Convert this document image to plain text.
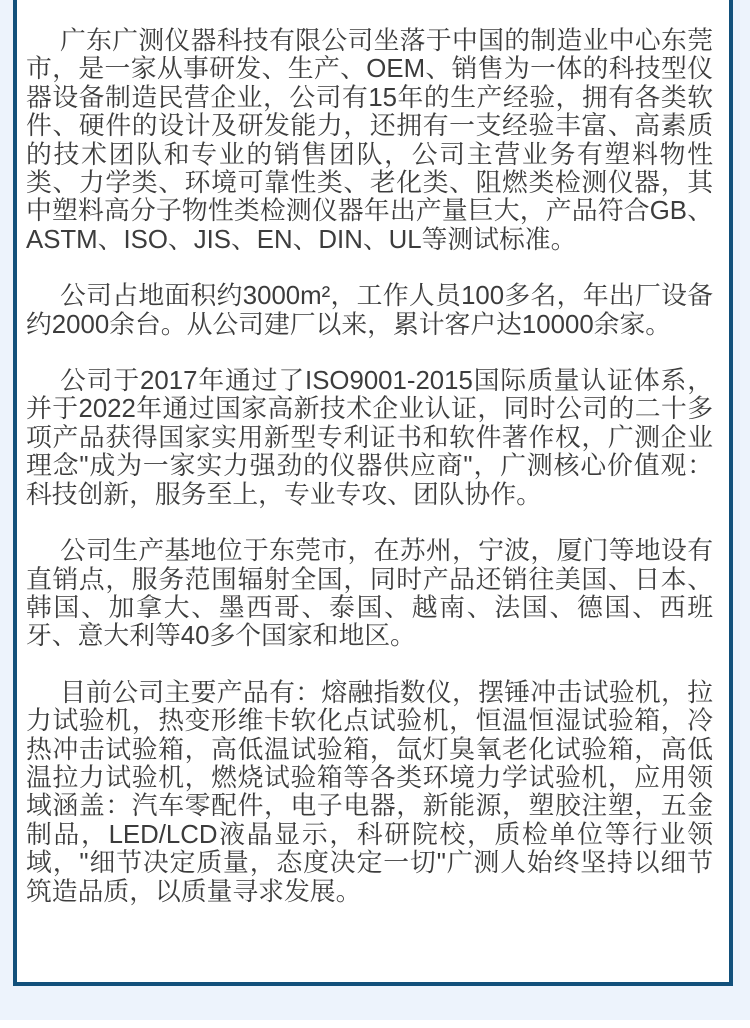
广东广测仪器科技有限公司坐落于中国的制造业中心东莞市，是一家从事研发、生产、OEM、销售为一体的科技型仪器设备制造民营企业，公司有15年的生产经验，拥有各类软件、硬件的设计及研发能力，还拥有一支经验丰富、高素质的技术团队和专业的销售团队，公司主营业务有塑料物性类、力学类、环境可靠性类、老化类、阻燃类检测仪器，其中塑料高分子物性类检测仪器年出产量巨大，产品符合GB、ASTM、ISO、JIS、EN、DIN、UL等测试标准。

公司占地面积约3000m²，工作人员100多名，年出厂设备约2000余台。从公司建厂以来，累计客户达10000余家。

公司于2017年通过了ISO9001-2015国际质量认证体系，并于2022年通过国家高新技术企业认证，同时公司的二十多项产品获得国家实用新型专利证书和软件著作权，广测企业理念"成为一家实力强劲的仪器供应商"，广测核心价值观：科技创新，服务至上，专业专攻、团队协作。

公司生产基地位于东莞市，在苏州，宁波，厦门等地设有直销点，服务范围辐射全国，同时产品还销往美国、日本、韩国、加拿大、墨西哥、泰国、越南、法国、德国、西班牙、意大利等40多个国家和地区。

目前公司主要产品有：熔融指数仪，摆锤冲击试验机，拉力试验机，热变形维卡软化点试验机，恒温恒湿试验箱，冷热冲击试验箱，高低温试验箱，氙灯臭氧老化试验箱，高低温拉力试验机，燃烧试验箱等各类环境力学试验机，应用领域涵盖：汽车零配件，电子电器，新能源，塑胶注塑，五金制品，LED/LCD液晶显示，科研院校，质检单位等行业领域，"细节决定质量，态度决定一切"广测人始终坚持以细节筑造品质，以质量寻求发展。
